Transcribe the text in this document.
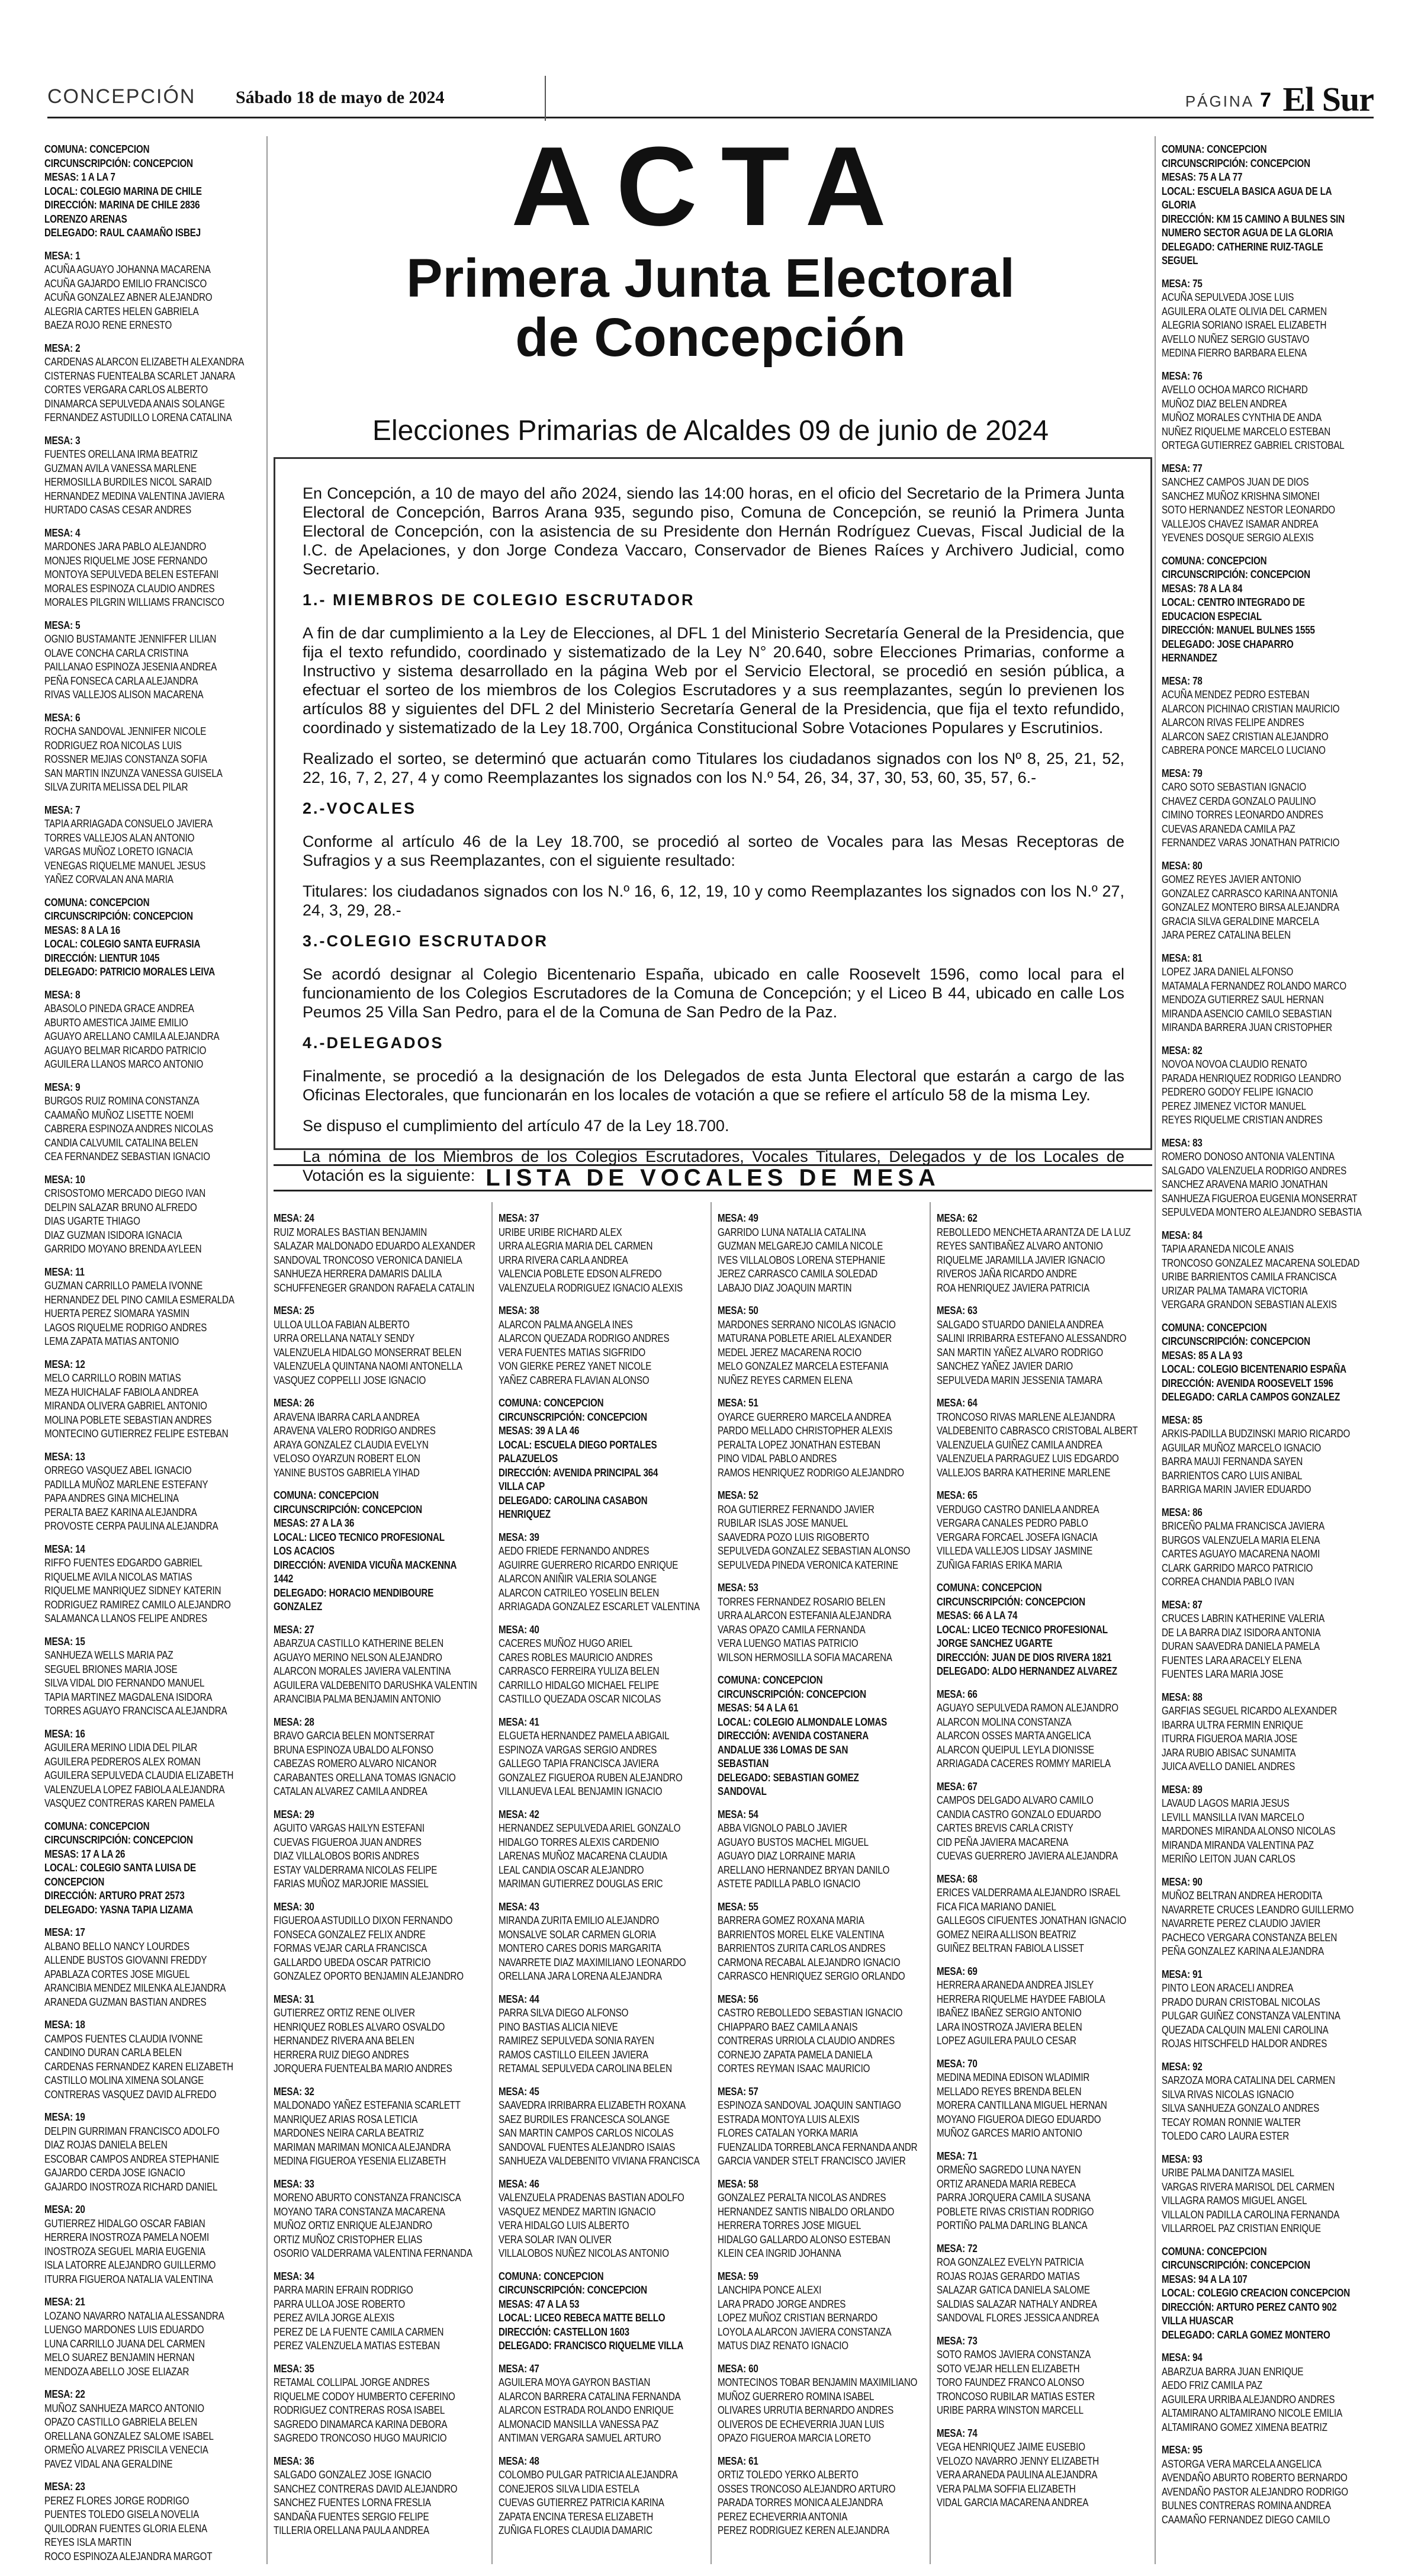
CONCEPCIÓN Sábado 18 de mayo de 2024	PÁGINA 7 El Sur
ACTA
Primera Junta Electoral
de Concepción
Elecciones Primarias de Alcaldes 09 de junio de 2024

En Concepción, a 10 de mayo del año 2024, siendo las 14:00 horas, en el oficio del Secretario de la Primera Junta Electoral de Concepción, Barros Arana 935, segundo piso, Comuna de Concepción, se reunió la Primera Junta Electoral de Concepción, con la asistencia de su Presidente don Hernán Rodríguez Cuevas, Fiscal Judicial de la I.C. de Apelaciones, y don Jorge Condeza Vaccaro, Conservador de Bienes Raíces y Archivero Judicial, como Secretario.

1.- MIEMBROS DE COLEGIO ESCRUTADOR

A fin de dar cumplimiento a la Ley de Elecciones, al DFL 1 del Ministerio Secretaría General de la Presidencia, que fija el texto refundido, coordinado y sistematizado de la Ley N° 20.640, sobre Elecciones Primarias, conforme a Instructivo y sistema desarrollado en la página Web por el Servicio Electoral, se procedió en sesión pública, a efectuar el sorteo de los miembros de los Colegios Escrutadores y a sus reemplazantes, según lo previenen los artículos 88 y siguientes del DFL 2 del Ministerio Secretaría General de la Presidencia, que fija el texto refundido, coordinado y sistematizado de la Ley 18.700, Orgánica Constitucional Sobre Votaciones Populares y Escrutinios.

Realizado el sorteo, se determinó que actuarán como Titulares los ciudadanos signados con los Nº 8, 25, 21, 52, 22, 16, 7, 2, 27, 4 y como Reemplazantes los signados con los N.º 54, 26, 34, 37, 30, 53, 60, 35, 57, 6.-

2.-VOCALES

Conforme al artículo 46 de la Ley 18.700, se procedió al sorteo de Vocales para las Mesas Receptoras de Sufragios y a sus Reemplazantes, con el siguiente resultado:

Titulares: los ciudadanos signados con los N.º 16, 6, 12, 19, 10 y como Reemplazantes los signados con los N.º 27, 24, 3, 29, 28.-

3.-COLEGIO ESCRUTADOR

Se acordó designar al Colegio Bicentenario España, ubicado en calle Roosevelt 1596, como local para el funcionamiento de los Colegios Escrutadores de la Comuna de Concepción; y el Liceo B 44, ubicado en calle Los Peumos 25 Villa San Pedro, para el de la Comuna de San Pedro de la Paz.

4.-DELEGADOS

Finalmente, se procedió a la designación de los Delegados de esta Junta Electoral que estarán a cargo de las Oficinas Electorales, que funcionarán en los locales de votación a que se refiere el artículo 58 de la misma Ley.

Se dispuso el cumplimiento del artículo 47 de la Ley 18.700.

La nómina de los Miembros de los Colegios Escrutadores, Vocales Titulares, Delegados y de los Locales de Votación es la siguiente: LISTA DE VOCALES DE MESA
COMUNA: CONCEPCION
CIRCUNSCRIPCIÓN: CONCEPCION
MESAS: 1 A LA 7
LOCAL: COLEGIO MARINA DE CHILE
DIRECCIÓN: MARINA DE CHILE 2836
LORENZO ARENAS
DELEGADO: RAUL CAAMAÑO ISBEJ
MESA: 1
ACUÑA AGUAYO JOHANNA MACARENA
ACUÑA GAJARDO EMILIO FRANCISCO
ACUÑA GONZALEZ ABNER ALEJANDRO
ALEGRIA CARTES HELEN GABRIELA
BAEZA ROJO RENE ERNESTO
MESA: 2
CARDENAS ALARCON ELIZABETH ALEXANDRA
CISTERNAS FUENTEALBA SCARLET JANARA
CORTES VERGARA CARLOS ALBERTO
DINAMARCA SEPULVEDA ANAIS SOLANGE
FERNANDEZ ASTUDILLO LORENA CATALINA
MESA: 3
FUENTES ORELLANA IRMA BEATRIZ
GUZMAN AVILA VANESSA MARLENE
HERMOSILLA BURDILES NICOL SARAID
HERNANDEZ MEDINA VALENTINA JAVIERA
HURTADO CASAS CESAR ANDRES
MESA: 4
MARDONES JARA PABLO ALEJANDRO
MONJES RIQUELME JOSE FERNANDO
MONTOYA SEPULVEDA BELEN ESTEFANI
MORALES ESPINOZA CLAUDIO ANDRES
MORALES PILGRIN WILLIAMS FRANCISCO
MESA: 5
OGNIO BUSTAMANTE JENNIFFER LILIAN
OLAVE CONCHA CARLA CRISTINA
PAILLANAO ESPINOZA JESENIA ANDREA
PEÑA FONSECA CARLA ALEJANDRA
RIVAS VALLEJOS ALISON MACARENA
MESA: 6
ROCHA SANDOVAL JENNIFER NICOLE
RODRIGUEZ ROA NICOLAS LUIS
ROSSNER MEJIAS CONSTANZA SOFIA
SAN MARTIN INZUNZA VANESSA GUISELA
SILVA ZURITA MELISSA DEL PILAR
MESA: 7
TAPIA ARRIAGADA CONSUELO JAVIERA
TORRES VALLEJOS ALAN ANTONIO
VARGAS MUÑOZ LORETO IGNACIA
VENEGAS RIQUELME MANUEL JESUS
YAÑEZ CORVALAN ANA MARIA
COMUNA: CONCEPCION
CIRCUNSCRIPCIÓN: CONCEPCION
MESAS: 8 A LA 16
LOCAL: COLEGIO SANTA EUFRASIA
DIRECCIÓN: LIENTUR 1045
DELEGADO: PATRICIO MORALES LEIVA
MESA: 8
ABASOLO PINEDA GRACE ANDREA
ABURTO AMESTICA JAIME EMILIO
AGUAYO ARELLANO CAMILA ALEJANDRA
AGUAYO BELMAR RICARDO PATRICIO
AGUILERA LLANOS MARCO ANTONIO
MESA: 9
BURGOS RUIZ ROMINA CONSTANZA
CAAMAÑO MUÑOZ LISETTE NOEMI
CABRERA ESPINOZA ANDRES NICOLAS
CANDIA CALVUMIL CATALINA BELEN
CEA FERNANDEZ SEBASTIAN IGNACIO
MESA: 10
CRISOSTOMO MERCADO DIEGO IVAN
DELPIN SALAZAR BRUNO ALFREDO
DIAS UGARTE THIAGO
DIAZ GUZMAN ISIDORA IGNACIA
GARRIDO MOYANO BRENDA AYLEEN
MESA: 11
GUZMAN CARRILLO PAMELA IVONNE
HERNANDEZ DEL PINO CAMILA ESMERALDA
HUERTA PEREZ SIOMARA YASMIN
LAGOS RIQUELME RODRIGO ANDRES
LEMA ZAPATA MATIAS ANTONIO
MESA: 12
MELO CARRILLO ROBIN MATIAS
MEZA HUICHALAF FABIOLA ANDREA
MIRANDA OLIVERA GABRIEL ANTONIO
MOLINA POBLETE SEBASTIAN ANDRES
MONTECINO GUTIERREZ FELIPE ESTEBAN
MESA: 13
ORREGO VASQUEZ ABEL IGNACIO
PADILLA MUÑOZ MARLENE ESTEFANY
PAPA ANDRES GINA MICHELINA
PERALTA BAEZ KARINA ALEJANDRA
PROVOSTE CERPA PAULINA ALEJANDRA
MESA: 14
RIFFO FUENTES EDGARDO GABRIEL
RIQUELME AVILA NICOLAS MATIAS
RIQUELME MANRIQUEZ SIDNEY KATERIN
RODRIGUEZ RAMIREZ CAMILO ALEJANDRO
SALAMANCA LLANOS FELIPE ANDRES
MESA: 15
SANHUEZA WELLS MARIA PAZ
SEGUEL BRIONES MARIA JOSE
SILVA VIDAL DIO FERNANDO MANUEL
TAPIA MARTINEZ MAGDALENA ISIDORA
TORRES AGUAYO FRANCISCA ALEJANDRA
MESA: 16
AGUILERA MERINO LIDIA DEL PILAR
AGUILERA PEDREROS ALEX ROMAN
AGUILERA SEPULVEDA CLAUDIA ELIZABETH
VALENZUELA LOPEZ FABIOLA ALEJANDRA
VASQUEZ CONTRERAS KAREN PAMELA
COMUNA: CONCEPCION
CIRCUNSCRIPCIÓN: CONCEPCION
MESAS: 17 A LA 26
LOCAL: COLEGIO SANTA LUISA DE
CONCEPCION
DIRECCIÓN: ARTURO PRAT 2573
DELEGADO: YASNA TAPIA LIZAMA
MESA: 17
ALBANO BELLO NANCY LOURDES
ALLENDE BUSTOS GIOVANNI FREDDY
APABLAZA CORTES JOSE MIGUEL
ARANCIBIA MENDEZ MILENKA ALEJANDRA
ARANEDA GUZMAN BASTIAN ANDRES
MESA: 18
CAMPOS FUENTES CLAUDIA IVONNE
CANDINO DURAN CARLA BELEN
CARDENAS FERNANDEZ KAREN ELIZABETH
CASTILLO MOLINA XIMENA SOLANGE
CONTRERAS VASQUEZ DAVID ALFREDO
MESA: 19
DELPIN GURRIMAN FRANCISCO ADOLFO
DIAZ ROJAS DANIELA BELEN
ESCOBAR CAMPOS ANDREA STEPHANIE
GAJARDO CERDA JOSE IGNACIO
GAJARDO INOSTROZA RICHARD DANIEL
MESA: 20
GUTIERREZ HIDALGO OSCAR FABIAN
HERRERA INOSTROZA PAMELA NOEMI
INOSTROZA SEGUEL MARIA EUGENIA
ISLA LATORRE ALEJANDRO GUILLERMO
ITURRA FIGUEROA NATALIA VALENTINA
MESA: 21
LOZANO NAVARRO NATALIA ALESSANDRA
LUENGO MARDONES LUIS EDUARDO
LUNA CARRILLO JUANA DEL CARMEN
MELO SUAREZ BENJAMIN HERNAN
MENDOZA ABELLO JOSE ELIAZAR
MESA: 22
MUÑOZ SANHUEZA MARCO ANTONIO
OPAZO CASTILLO GABRIELA BELEN
ORELLANA GONZALEZ SALOME ISABEL
ORMEÑO ALVAREZ PRISCILA VENECIA
PAVEZ VIDAL ANA GERALDINE
MESA: 23
PEREZ FLORES JORGE RODRIGO
PUENTES TOLEDO GISELA NOVELIA
QUILODRAN FUENTES GLORIA ELENA
REYES ISLA MARTIN
ROCO ESPINOZA ALEJANDRA MARGOT
MESA: 24
RUIZ MORALES BASTIAN BENJAMIN
SALAZAR MALDONADO EDUARDO ALEXANDER
SANDOVAL TRONCOSO VERONICA DANIELA
SANHUEZA HERRERA DAMARIS DALILA
SCHUFFENEGER GRANDON RAFAELA CATALIN
MESA: 25
ULLOA ULLOA FABIAN ALBERTO
URRA ORELLANA NATALY SENDY
VALENZUELA HIDALGO MONSERRAT BELEN
VALENZUELA QUINTANA NAOMI ANTONELLA
VASQUEZ COPPELLI JOSE IGNACIO
MESA: 26
ARAVENA IBARRA CARLA ANDREA
ARAVENA VALERO RODRIGO ANDRES
ARAYA GONZALEZ CLAUDIA EVELYN
VELOSO OYARZUN ROBERT ELON
YANINE BUSTOS GABRIELA YIHAD
COMUNA: CONCEPCION
CIRCUNSCRIPCIÓN: CONCEPCION
MESAS: 27 A LA 36
LOCAL: LICEO TECNICO PROFESIONAL
LOS ACACIOS
DIRECCIÓN: AVENIDA VICUÑA MACKENNA
1442
DELEGADO: HORACIO MENDIBOURE
GONZALEZ
MESA: 27
ABARZUA CASTILLO KATHERINE BELEN
AGUAYO MERINO NELSON ALEJANDRO
ALARCON MORALES JAVIERA VALENTINA
AGUILERA VALDEBENITO DARUSHKA VALENTIN
ARANCIBIA PALMA BENJAMIN ANTONIO
MESA: 28
BRAVO GARCIA BELEN MONTSERRAT
BRUNA ESPINOZA UBALDO ALFONSO
CABEZAS ROMERO ALVARO NICANOR
CARABANTES ORELLANA TOMAS IGNACIO
CATALAN ALVAREZ CAMILA ANDREA
MESA: 29
AGUITO VARGAS HAILYN ESTEFANI
CUEVAS FIGUEROA JUAN ANDRES
DIAZ VILLALOBOS BORIS ANDRES
ESTAY VALDERRAMA NICOLAS FELIPE
FARIAS MUÑOZ MARJORIE MASSIEL
MESA: 30
FIGUEROA ASTUDILLO DIXON FERNANDO
FONSECA GONZALEZ FELIX ANDRE
FORMAS VEJAR CARLA FRANCISCA
GALLARDO UBEDA OSCAR PATRICIO
GONZALEZ OPORTO BENJAMIN ALEJANDRO
MESA: 31
GUTIERREZ ORTIZ RENE OLIVER
HENRIQUEZ ROBLES ALVARO OSVALDO
HERNANDEZ RIVERA ANA BELEN
HERRERA RUIZ DIEGO ANDRES
JORQUERA FUENTEALBA MARIO ANDRES
MESA: 32
MALDONADO YAÑEZ ESTEFANIA SCARLETT
MANRIQUEZ ARIAS ROSA LETICIA
MARDONES NEIRA CARLA BEATRIZ
MARIMAN MARIMAN MONICA ALEJANDRA
MEDINA FIGUEROA YESENIA ELIZABETH
MESA: 33
MORENO ABURTO CONSTANZA FRANCISCA
MOYANO TARA CONSTANZA MACARENA
MUÑOZ ORTIZ ENRIQUE ALEJANDRO
ORTIZ MUÑOZ CRISTOPHER ELIAS
OSORIO VALDERRAMA VALENTINA FERNANDA
MESA: 34
PARRA MARIN EFRAIN RODRIGO
PARRA ULLOA JOSE ROBERTO
PEREZ AVILA JORGE ALEXIS
PEREZ DE LA FUENTE CAMILA CARMEN
PEREZ VALENZUELA MATIAS ESTEBAN
MESA: 35
RETAMAL COLLIPAL JORGE ANDRES
RIQUELME CODOY HUMBERTO CEFERINO
RODRIGUEZ CONTRERAS ROSA ISABEL
SAGREDO DINAMARCA KARINA DEBORA
SAGREDO TRONCOSO HUGO MAURICIO
MESA: 36
SALGADO GONZALEZ JOSE IGNACIO
SANCHEZ CONTRERAS DAVID ALEJANDRO
SANCHEZ FUENTES LORNA FRESLIA
SANDAÑA FUENTES SERGIO FELIPE
TILLERIA ORELLANA PAULA ANDREA
MESA: 37
URIBE URIBE RICHARD ALEX
URRA ALEGRIA MARIA DEL CARMEN
URRA RIVERA CARLA ANDREA
VALENCIA POBLETE EDSON ALFREDO
VALENZUELA RODRIGUEZ IGNACIO ALEXIS
MESA: 38
ALARCON PALMA ANGELA INES
ALARCON QUEZADA RODRIGO ANDRES
VERA FUENTES MATIAS SIGFRIDO
VON GIERKE PEREZ YANET NICOLE
YAÑEZ CABRERA FLAVIAN ALONSO
COMUNA: CONCEPCION
CIRCUNSCRIPCIÓN: CONCEPCION
MESAS: 39 A LA 46
LOCAL: ESCUELA DIEGO PORTALES
PALAZUELOS
DIRECCIÓN: AVENIDA PRINCIPAL 364
VILLA CAP
DELEGADO: CAROLINA CASABON
HENRIQUEZ
MESA: 39
AEDO FRIEDE FERNANDO ANDRES
AGUIRRE GUERRERO RICARDO ENRIQUE
ALARCON ANIÑIR VALERIA SOLANGE
ALARCON CATRILEO YOSELIN BELEN
ARRIAGADA GONZALEZ ESCARLET VALENTINA
MESA: 40
CACERES MUÑOZ HUGO ARIEL
CARES ROBLES MAURICIO ANDRES
CARRASCO FERREIRA YULIZA BELEN
CARRILLO HIDALGO MICHAEL FELIPE
CASTILLO QUEZADA OSCAR NICOLAS
MESA: 41
ELGUETA HERNANDEZ PAMELA ABIGAIL
ESPINOZA VARGAS SERGIO ANDRES
GALLEGO TAPIA FRANCISCA JAVIERA
GONZALEZ FIGUEROA RUBEN ALEJANDRO
VILLANUEVA LEAL BENJAMIN IGNACIO
MESA: 42
HERNANDEZ SEPULVEDA ARIEL GONZALO
HIDALGO TORRES ALEXIS CARDENIO
LARENAS MUÑOZ MACARENA CLAUDIA
LEAL CANDIA OSCAR ALEJANDRO
MARIMAN GUTIERREZ DOUGLAS ERIC
MESA: 43
MIRANDA ZURITA EMILIO ALEJANDRO
MONSALVE SOLAR CARMEN GLORIA
MONTERO CARES DORIS MARGARITA
NAVARRETE DIAZ MAXIMILIANO LEONARDO
ORELLANA JARA LORENA ALEJANDRA
MESA: 44
PARRA SILVA DIEGO ALFONSO
PINO BASTIAS ALICIA NIEVE
RAMIREZ SEPULVEDA SONIA RAYEN
RAMOS CASTILLO EILEEN JAVIERA
RETAMAL SEPULVEDA CAROLINA BELEN
MESA: 45
SAAVEDRA IRRIBARRA ELIZABETH ROXANA
SAEZ BURDILES FRANCESCA SOLANGE
SAN MARTIN CAMPOS CARLOS NICOLAS
SANDOVAL FUENTES ALEJANDRO ISAIAS
SANHUEZA VALDEBENITO VIVIANA FRANCISCA
MESA: 46
VALENZUELA PRADENAS BASTIAN ADOLFO
VASQUEZ MENDEZ MARTIN IGNACIO
VERA HIDALGO LUIS ALBERTO
VERA SOLAR IVAN OLIVER
VILLALOBOS NUÑEZ NICOLAS ANTONIO
COMUNA: CONCEPCION
CIRCUNSCRIPCIÓN: CONCEPCION
MESAS: 47 A LA 53
LOCAL: LICEO REBECA MATTE BELLO
DIRECCIÓN: CASTELLON 1603
DELEGADO: FRANCISCO RIQUELME VILLA
MESA: 47
AGUILERA MOYA GAYRON BASTIAN
ALARCON BARRERA CATALINA FERNANDA
ALARCON ESTRADA ROLANDO ENRIQUE
ALMONACID MANSILLA VANESSA PAZ
ANTIMAN VERGARA SAMUEL ARTURO
MESA: 48
COLOMBO PULGAR PATRICIA ALEJANDRA
CONEJEROS SILVA LIDIA ESTELA
CUEVAS GUTIERREZ PATRICIA KARINA
ZAPATA ENCINA TERESA ELIZABETH
ZUÑIGA FLORES CLAUDIA DAMARIC
MESA: 49
GARRIDO LUNA NATALIA CATALINA
GUZMAN MELGAREJO CAMILA NICOLE
IVES VILLALOBOS LORENA STEPHANIE
JEREZ CARRASCO CAMILA SOLEDAD
LABAJO DIAZ JOAQUIN MARTIN
MESA: 50
MARDONES SERRANO NICOLAS IGNACIO
MATURANA POBLETE ARIEL ALEXANDER
MEDEL JEREZ MACARENA ROCIO
MELO GONZALEZ MARCELA ESTEFANIA
NUÑEZ REYES CARMEN ELENA
MESA: 51
OYARCE GUERRERO MARCELA ANDREA
PARDO MELLADO CHRISTOPHER ALEXIS
PERALTA LOPEZ JONATHAN ESTEBAN
PINO VIDAL PABLO ANDRES
RAMOS HENRIQUEZ RODRIGO ALEJANDRO
MESA: 52
ROA GUTIERREZ FERNANDO JAVIER
RUBILAR ISLAS JOSE MANUEL
SAAVEDRA POZO LUIS RIGOBERTO
SEPULVEDA GONZALEZ SEBASTIAN ALONSO
SEPULVEDA PINEDA VERONICA KATERINE
MESA: 53
TORRES FERNANDEZ ROSARIO BELEN
URRA ALARCON ESTEFANIA ALEJANDRA
VARAS OPAZO CAMILA FERNANDA
VERA LUENGO MATIAS PATRICIO
WILSON HERMOSILLA SOFIA MACARENA
COMUNA: CONCEPCION
CIRCUNSCRIPCIÓN: CONCEPCION
MESAS: 54 A LA 61
LOCAL: COLEGIO ALMONDALE LOMAS
DIRECCIÓN: AVENIDA COSTANERA
ANDALUE 336 LOMAS DE SAN
SEBASTIAN
DELEGADO: SEBASTIAN GOMEZ
SANDOVAL
MESA: 54
ABBA VIGNOLO PABLO JAVIER
AGUAYO BUSTOS MACHEL MIGUEL
AGUAYO DIAZ LORRAINE MARIA
ARELLANO HERNANDEZ BRYAN DANILO
ASTETE PADILLA PABLO IGNACIO
MESA: 55
BARRERA GOMEZ ROXANA MARIA
BARRIENTOS MOREL ELKE VALENTINA
BARRIENTOS ZURITA CARLOS ANDRES
CARMONA RECABAL ALEJANDRO IGNACIO
CARRASCO HENRIQUEZ SERGIO ORLANDO
MESA: 56
CASTRO REBOLLEDO SEBASTIAN IGNACIO
CHIAPPARO BAEZ CAMILA ANAIS
CONTRERAS URRIOLA CLAUDIO ANDRES
CORNEJO ZAPATA PAMELA DANIELA
CORTES REYMAN ISAAC MAURICIO
MESA: 57
ESPINOZA SANDOVAL JOAQUIN SANTIAGO
ESTRADA MONTOYA LUIS ALEXIS
FLORES CATALAN YORKA MARIA
FUENZALIDA TORREBLANCA FERNANDA ANDR
GARCIA VANDER STELT FRANCISCO JAVIER
MESA: 58
GONZALEZ PERALTA NICOLAS ANDRES
HERNANDEZ SANTIS NIBALDO ORLANDO
HERRERA TORRES JOSE MIGUEL
HIDALGO GALLARDO ALONSO ESTEBAN
KLEIN CEA INGRID JOHANNA
MESA: 59
LANCHIPA PONCE ALEXI
LARA PRADO JORGE ANDRES
LOPEZ MUÑOZ CRISTIAN BERNARDO
LOYOLA ALARCON JAVIERA CONSTANZA
MATUS DIAZ RENATO IGNACIO
MESA: 60
MONTECINOS TOBAR BENJAMIN MAXIMILIANO
MUÑOZ GUERRERO ROMINA ISABEL
OLIVARES URRUTIA BERNARDO ANDRES
OLIVEROS DE ECHEVERRIA JUAN LUIS
OPAZO FIGUEROA MARCIA LORETO
MESA: 61
ORTIZ TOLEDO YERKO ALBERTO
OSSES TRONCOSO ALEJANDRO ARTURO
PARADA TORRES MONICA ALEJANDRA
PEREZ ECHEVERRIA ANTONIA
PEREZ RODRIGUEZ KEREN ALEJANDRA
MESA: 62
REBOLLEDO MENCHETA ARANTZA DE LA LUZ
REYES SANTIBAÑEZ ALVARO ANTONIO
RIQUELME JARAMILLA JAVIER IGNACIO
RIVEROS JAÑA RICARDO ANDRE
ROA HENRIQUEZ JAVIERA PATRICIA
MESA: 63
SALGADO STUARDO DANIELA ANDREA
SALINI IRRIBARRA ESTEFANO ALESSANDRO
SAN MARTIN YAÑEZ ALVARO RODRIGO
SANCHEZ YAÑEZ JAVIER DARIO
SEPULVEDA MARIN JESSENIA TAMARA
MESA: 64
TRONCOSO RIVAS MARLENE ALEJANDRA
VALDEBENITO CABRASCO CRISTOBAL ALBERT
VALENZUELA GUIÑEZ CAMILA ANDREA
VALENZUELA PARRAGUEZ LUIS EDGARDO
VALLEJOS BARRA KATHERINE MARLENE
MESA: 65
VERDUGO CASTRO DANIELA ANDREA
VERGARA CANALES PEDRO PABLO
VERGARA FORCAEL JOSEFA IGNACIA
VILLEDA VALLEJOS LIDSAY JASMINE
ZUÑIGA FARIAS ERIKA MARIA
COMUNA: CONCEPCION
CIRCUNSCRIPCIÓN: CONCEPCION
MESAS: 66 A LA 74
LOCAL: LICEO TECNICO PROFESIONAL
JORGE SANCHEZ UGARTE
DIRECCIÓN: JUAN DE DIOS RIVERA 1821
DELEGADO: ALDO HERNANDEZ ALVAREZ
MESA: 66
AGUAYO SEPULVEDA RAMON ALEJANDRO
ALARCON MOLINA CONSTANZA
ALARCON OSSES MARTA ANGELICA
ALARCON QUEIPUL LEYLA DIONISSE
ARRIAGADA CACERES ROMMY MARIELA
MESA: 67
CAMPOS DELGADO ALVARO CAMILO
CANDIA CASTRO GONZALO EDUARDO
CARTES BREVIS CARLA CRISTY
CID PEÑA JAVIERA MACARENA
CUEVAS GUERRERO JAVIERA ALEJANDRA
MESA: 68
ERICES VALDERRAMA ALEJANDRO ISRAEL
FICA FICA MARIANO DANIEL
GALLEGOS CIFUENTES JONATHAN IGNACIO
GOMEZ NEIRA ALLISON BEATRIZ
GUIÑEZ BELTRAN FABIOLA LISSET
MESA: 69
HERRERA ARANEDA ANDREA JISLEY
HERRERA RIQUELME HAYDEE FABIOLA
IBAÑEZ IBAÑEZ SERGIO ANTONIO
LARA INOSTROZA JAVIERA BELEN
LOPEZ AGUILERA PAULO CESAR
MESA: 70
MEDINA MEDINA EDISON WLADIMIR
MELLADO REYES BRENDA BELEN
MORERA CANTILLANA MIGUEL HERNAN
MOYANO FIGUEROA DIEGO EDUARDO
MUÑOZ GARCES MARIO ANTONIO
MESA: 71
ORMEÑO SAGREDO LUNA NAYEN
ORTIZ ARANEDA MARIA REBECA
PARRA JORQUERA CAMILA SUSANA
POBLETE RIVAS CRISTIAN RODRIGO
PORTIÑO PALMA DARLING BLANCA
MESA: 72
ROA GONZALEZ EVELYN PATRICIA
ROJAS ROJAS GERARDO MATIAS
SALAZAR GATICA DANIELA SALOME
SALDIAS SALAZAR NATHALY ANDREA
SANDOVAL FLORES JESSICA ANDREA
MESA: 73
SOTO RAMOS JAVIERA CONSTANZA
SOTO VEJAR HELLEN ELIZABETH
TORO FAUNDEZ FRANCO ALONSO
TRONCOSO RUBILAR MATIAS ESTER
URIBE PARRA WINSTON MARCELL
MESA: 74
VEGA HENRIQUEZ JAIME EUSEBIO
VELOZO NAVARRO JENNY ELIZABETH
VERA ARANEDA PAULINA ALEJANDRA
VERA PALMA SOFFIA ELIZABETH
VIDAL GARCIA MACARENA ANDREA
COMUNA: CONCEPCION
CIRCUNSCRIPCIÓN: CONCEPCION
MESAS: 75 A LA 77
LOCAL: ESCUELA BASICA AGUA DE LA
GLORIA
DIRECCIÓN: KM 15 CAMINO A BULNES SIN
NUMERO SECTOR AGUA DE LA GLORIA
DELEGADO: CATHERINE RUIZ-TAGLE
SEGUEL
MESA: 75
ACUÑA SEPULVEDA JOSE LUIS
AGUILERA OLATE OLIVIA DEL CARMEN
ALEGRIA SORIANO ISRAEL ELIZABETH
AVELLO NUÑEZ SERGIO GUSTAVO
MEDINA FIERRO BARBARA ELENA
MESA: 76
AVELLO OCHOA MARCO RICHARD
MUÑOZ DIAZ BELEN ANDREA
MUÑOZ MORALES CYNTHIA DE ANDA
NUÑEZ RIQUELME MARCELO ESTEBAN
ORTEGA GUTIERREZ GABRIEL CRISTOBAL
MESA: 77
SANCHEZ CAMPOS JUAN DE DIOS
SANCHEZ MUÑOZ KRISHNA SIMONEI
SOTO HERNANDEZ NESTOR LEONARDO
VALLEJOS CHAVEZ ISAMAR ANDREA
YEVENES DOSQUE SERGIO ALEXIS
COMUNA: CONCEPCION
CIRCUNSCRIPCIÓN: CONCEPCION
MESAS: 78 A LA 84
LOCAL: CENTRO INTEGRADO DE
EDUCACION ESPECIAL
DIRECCIÓN: MANUEL BULNES 1555
DELEGADO: JOSE CHAPARRO
HERNANDEZ
MESA: 78
ACUÑA MENDEZ PEDRO ESTEBAN
ALARCON PICHINAO CRISTIAN MAURICIO
ALARCON RIVAS FELIPE ANDRES
ALARCON SAEZ CRISTIAN ALEJANDRO
CABRERA PONCE MARCELO LUCIANO
MESA: 79
CARO SOTO SEBASTIAN IGNACIO
CHAVEZ CERDA GONZALO PAULINO
CIMINO TORRES LEONARDO ANDRES
CUEVAS ARANEDA CAMILA PAZ
FERNANDEZ VARAS JONATHAN PATRICIO
MESA: 80
GOMEZ REYES JAVIER ANTONIO
GONZALEZ CARRASCO KARINA ANTONIA
GONZALEZ MONTERO BIRSA ALEJANDRA
GRACIA SILVA GERALDINE MARCELA
JARA PEREZ CATALINA BELEN
MESA: 81
LOPEZ JARA DANIEL ALFONSO
MATAMALA FERNANDEZ ROLANDO MARCO
MENDOZA GUTIERREZ SAUL HERNAN
MIRANDA ASENCIO CAMILO SEBASTIAN
MIRANDA BARRERA JUAN CRISTOPHER
MESA: 82
NOVOA NOVOA CLAUDIO RENATO
PARADA HENRIQUEZ RODRIGO LEANDRO
PEDRERO GODOY FELIPE IGNACIO
PEREZ JIMENEZ VICTOR MANUEL
REYES RIQUELME CRISTIAN ANDRES
MESA: 83
ROMERO DONOSO ANTONIA VALENTINA
SALGADO VALENZUELA RODRIGO ANDRES
SANCHEZ ARAVENA MARIO JONATHAN
SANHUEZA FIGUEROA EUGENIA MONSERRAT
SEPULVEDA MONTERO ALEJANDRO SEBASTIA
MESA: 84
TAPIA ARANEDA NICOLE ANAIS
TRONCOSO GONZALEZ MACARENA SOLEDAD
URIBE BARRIENTOS CAMILA FRANCISCA
URIZAR PALMA TAMARA VICTORIA
VERGARA GRANDON SEBASTIAN ALEXIS
COMUNA: CONCEPCION
CIRCUNSCRIPCIÓN: CONCEPCION
MESAS: 85 A LA 93
LOCAL: COLEGIO BICENTENARIO ESPAÑA
DIRECCIÓN: AVENIDA ROOSEVELT 1596
DELEGADO: CARLA CAMPOS GONZALEZ
MESA: 85
ARKIS-PADILLA BUDZINSKI MARIO RICARDO
AGUILAR MUÑOZ MARCELO IGNACIO
BARRA MAUJI FERNANDA SAYEN
BARRIENTOS CARO LUIS ANIBAL
BARRIGA MARIN JAVIER EDUARDO
MESA: 86
BRICEÑO PALMA FRANCISCA JAVIERA
BURGOS VALENZUELA MARIA ELENA
CARTES AGUAYO MACARENA NAOMI
CLARK GARRIDO MARCO PATRICIO
CORREA CHANDIA PABLO IVAN
MESA: 87
CRUCES LABRIN KATHERINE VALERIA
DE LA BARRA DIAZ ISIDORA ANTONIA
DURAN SAAVEDRA DANIELA PAMELA
FUENTES LARA ARACELY ELENA
FUENTES LARA MARIA JOSE
MESA: 88
GARFIAS SEGUEL RICARDO ALEXANDER
IBARRA ULTRA FERMIN ENRIQUE
ITURRA FIGUEROA MARIA JOSE
JARA RUBIO ABISAC SUNAMITA
JUICA AVELLO DANIEL ANDRES
MESA: 89
LAVAUD LAGOS MARIA JESUS
LEVILL MANSILLA IVAN MARCELO
MARDONES MIRANDA ALONSO NICOLAS
MIRANDA MIRANDA VALENTINA PAZ
MERIÑO LEITON JUAN CARLOS
MESA: 90
MUÑOZ BELTRAN ANDREA HERODITA
NAVARRETE CRUCES LEANDRO GUILLERMO
NAVARRETE PEREZ CLAUDIO JAVIER
PACHECO VERGARA CONSTANZA BELEN
PEÑA GONZALEZ KARINA ALEJANDRA
MESA: 91
PINTO LEON ARACELI ANDREA
PRADO DURAN CRISTOBAL NICOLAS
PULGAR GUIÑEZ CONSTANZA VALENTINA
QUEZADA CALQUIN MALENI CAROLINA
ROJAS HITSCHFELD HALDOR ANDRES
MESA: 92
SARZOZA MORA CATALINA DEL CARMEN
SILVA RIVAS NICOLAS IGNACIO
SILVA SANHUEZA GONZALO ANDRES
TECAY ROMAN RONNIE WALTER
TOLEDO CARO LAURA ESTER
MESA: 93
URIBE PALMA DANITZA MASIEL
VARGAS RIVERA MARISOL DEL CARMEN
VILLAGRA RAMOS MIGUEL ANGEL
VILLALON PADILLA CAROLINA FERNANDA
VILLARROEL PAZ CRISTIAN ENRIQUE
COMUNA: CONCEPCION
CIRCUNSCRIPCIÓN: CONCEPCION
MESAS: 94 A LA 107
LOCAL: COLEGIO CREACION CONCEPCION
DIRECCIÓN: ARTURO PEREZ CANTO 902
VILLA HUASCAR
DELEGADO: CARLA GOMEZ MONTERO
MESA: 94
ABARZUA BARRA JUAN ENRIQUE
AEDO FRIZ CAMILA PAZ
AGUILERA URRIBA ALEJANDRO ANDRES
ALTAMIRANO ALTAMIRANO NICOLE EMILIA
ALTAMIRANO GOMEZ XIMENA BEATRIZ
MESA: 95
ASTORGA VERA MARCELA ANGELICA
AVENDAÑO ABURTO ROBERTO BERNARDO
AVENDAÑO PASTOR ALEJANDRO RODRIGO
BULNES CONTRERAS ROMINA ANDREA
CAAMAÑO FERNANDEZ DIEGO CAMILO
